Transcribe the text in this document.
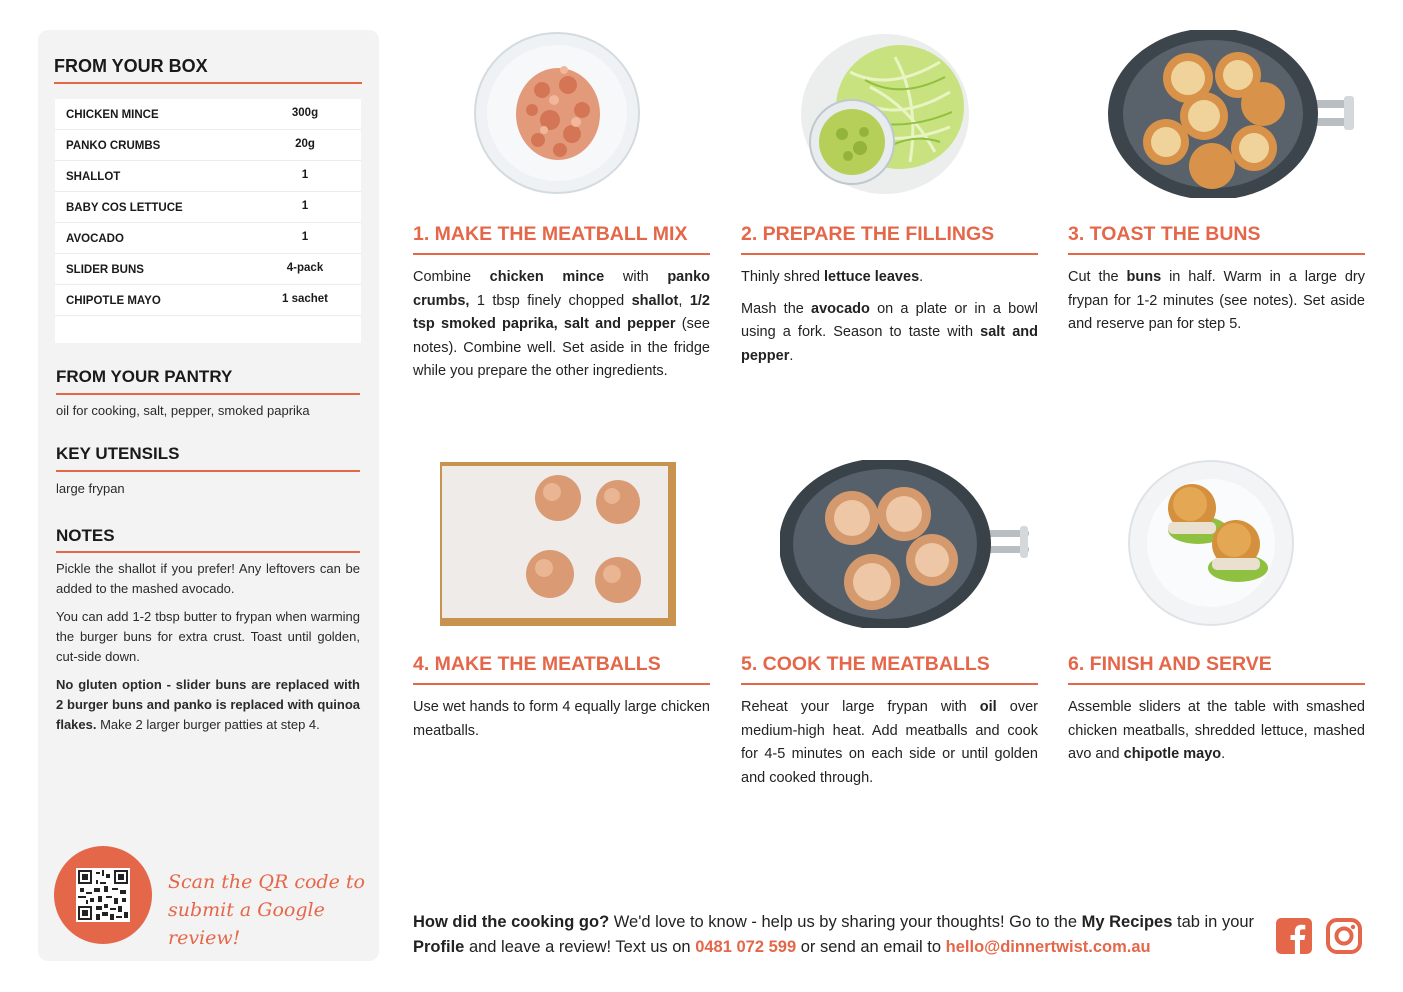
FROM YOUR BOX
CHICKEN MINCE	300g
PANKO CRUMBS	20g
SHALLOT	1
BABY COS LETTUCE	1
AVOCADO	1
SLIDER BUNS	4-pack
CHIPOTLE MAYO	1 sachet
FROM YOUR PANTRY
oil for cooking, salt, pepper, smoked paprika
KEY UTENSILS
large frypan
NOTES

Pickle the shallot if you prefer! Any leftovers can be added to the mashed avocado.

You can add 1-2 tbsp butter to frypan when warming the burger buns for extra crust. Toast until golden, cut-side down.

No gluten option - slider buns are replaced with 2 burger buns and panko is replaced with quinoa flakes. Make 2 larger burger patties at step 4.

Scan the QR code to
submit a Google review!
1. MAKE THE MEATBALL MIX
Combine chicken mince with panko crumbs, 1 tbsp finely chopped shallot, 1/2 tsp smoked paprika, salt and pepper (see notes). Combine well. Set aside in the fridge while you prepare the other ingredients.
2. PREPARE THE FILLINGS

Thinly shred lettuce leaves.

Mash the avocado on a plate or in a bowl using a fork. Season to taste with salt and pepper.

3. TOAST THE BUNS
Cut the buns in half. Warm in a large dry frypan for 1-2 minutes (see notes). Set aside and reserve pan for step 5.
4. MAKE THE MEATBALLS
Use wet hands to form 4 equally large chicken meatballs.
5. COOK THE MEATBALLS
Reheat your large frypan with oil over medium-high heat. Add meatballs and cook for 4-5 minutes on each side or until golden and cooked through.
6. FINISH AND SERVE
Assemble sliders at the table with smashed chicken meatballs, shredded lettuce, mashed avo and chipotle mayo.
How did the cooking go? We'd love to know - help us by sharing your thoughts! Go to the My Recipes tab in your Profile and leave a review! Text us on 0481 072 599 or send an email to hello@dinnertwist.com.au
